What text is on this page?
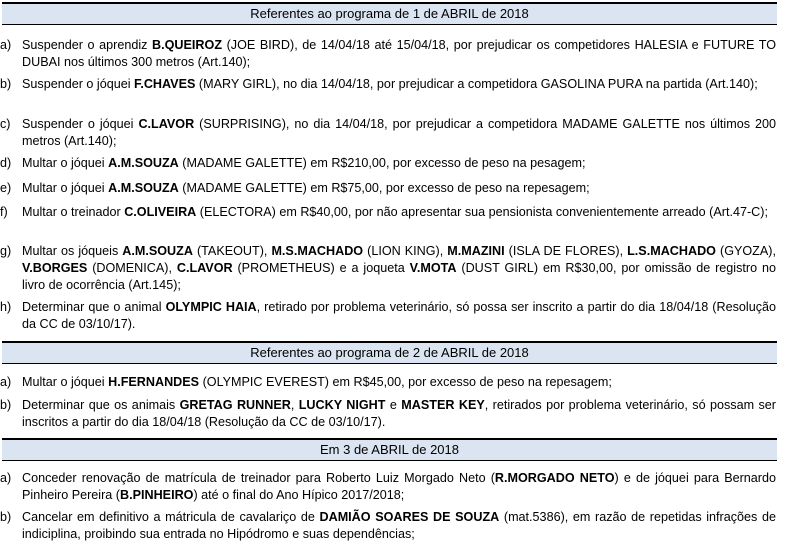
Referentes ao programa de 1 de ABRIL de 2018
a) Suspender o aprendiz B.QUEIROZ (JOE BIRD), de 14/04/18 até 15/04/18, por prejudicar os competidores HALESIA e FUTURE TO DUBAI nos últimos 300 metros (Art.140);
b) Suspender o jóquei F.CHAVES (MARY GIRL), no dia 14/04/18, por prejudicar a competidora GASOLINA PURA na partida (Art.140);
c) Suspender o jóquei C.LAVOR (SURPRISING), no dia 14/04/18, por prejudicar a competidora MADAME GALETTE nos últimos 200 metros (Art.140);
d) Multar o jóquei A.M.SOUZA (MADAME GALETTE) em R$210,00, por excesso de peso na pesagem;
e) Multar o jóquei A.M.SOUZA (MADAME GALETTE) em R$75,00, por excesso de peso na repesagem;
f)	Multar o treinador C.OLIVEIRA (ELECTORA) em R$40,00, por não apresentar sua pensionista convenientemente arreado (Art.47-C);
g) Multar os jóqueis A.M.SOUZA (TAKEOUT), M.S.MACHADO (LION KING), M.MAZINI (ISLA DE FLORES), L.S.MACHADO (GYOZA), V.BORGES (DOMENICA), C.LAVOR (PROMETHEUS) e a joqueta V.MOTA (DUST GIRL) em R$30,00, por omissão de registro no livro de ocorrência (Art.145);
h) Determinar que o animal OLYMPIC HAIA, retirado por problema veterinário, só possa ser inscrito a partir do dia 18/04/18 (Resolução da CC de 03/10/17).
Referentes ao programa de 2 de ABRIL de 2018
a) Multar o jóquei H.FERNANDES (OLYMPIC EVEREST) em R$45,00, por excesso de peso na repesagem;
b) Determinar que os animais GRETAG RUNNER, LUCKY NIGHT e MASTER KEY, retirados por problema veterinário, só possam ser inscritos a partir do dia 18/04/18 (Resolução da CC de 03/10/17).
Em 3 de ABRIL de 2018
a) Conceder renovação de matrícula de treinador para Roberto Luiz Morgado Neto (R.MORGADO NETO) e de jóquei para Bernardo Pinheiro Pereira (B.PINHEIRO) até o final do Ano Hípico 2017/2018;
b) Cancelar em definitivo a mátricula de cavalariço de DAMIÃO SOARES DE SOUZA (mat.5386), em razão de repetidas infrações de indiciplina, proibindo sua entrada no Hipódromo e suas dependências;
